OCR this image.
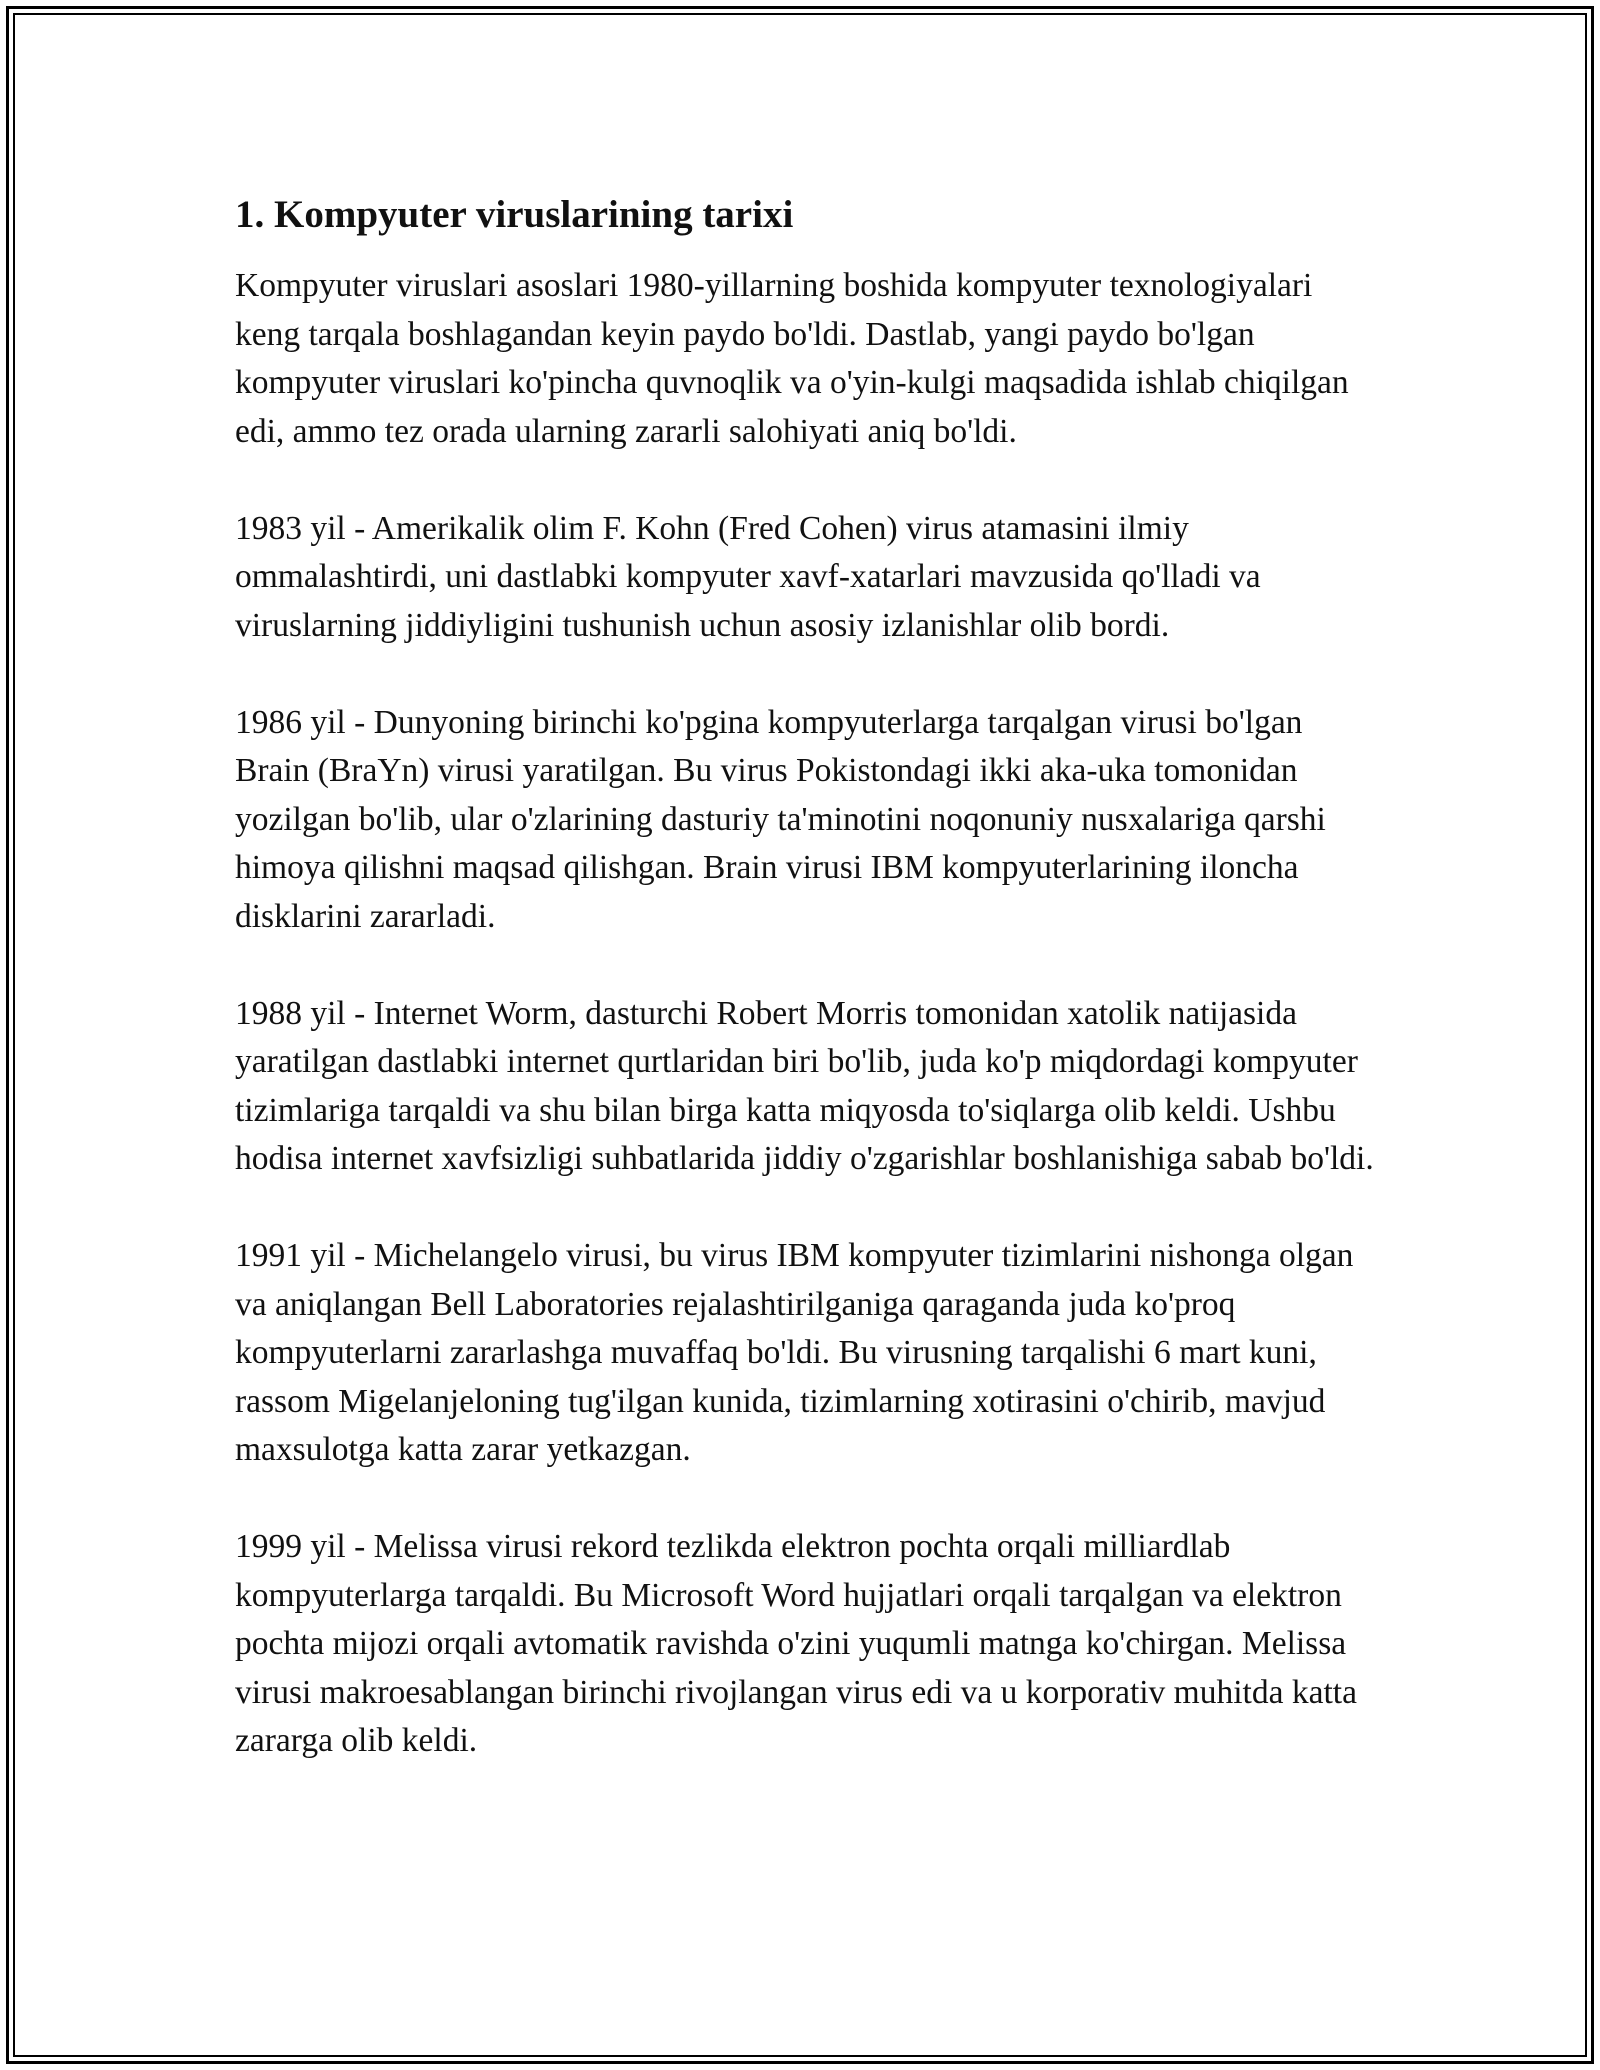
1. Kompyuter viruslarining tarixi

Kompyuter viruslari asoslari 1980-yillarning boshida kompyuter texnologiyalari keng tarqala boshlagandan keyin paydo bo'ldi. Dastlab, yangi paydo bo'lgan kompyuter viruslari ko'pincha quvnoqlik va o'yin-kulgi maqsadida ishlab chiqilgan edi, ammo tez orada ularning zararli salohiyati aniq bo'ldi.

1983 yil - Amerikalik olim F. Kohn (Fred Cohen) virus atamasini ilmiy ommalashtirdi, uni dastlabki kompyuter xavf-xatarlari mavzusida qo'lladi va viruslarning jiddiyligini tushunish uchun asosiy izlanishlar olib bordi.

1986 yil - Dunyoning birinchi ko'pgina kompyuterlarga tarqalgan virusi bo'lgan Brain (BraYn) virusi yaratilgan. Bu virus Pokistondagi ikki aka-uka tomonidan yozilgan bo'lib, ular o'zlarining dasturiy ta'minotini noqonuniy nusxalariga qarshi himoya qilishni maqsad qilishgan. Brain virusi IBM kompyuterlarining iloncha disklarini zararladi.

1988 yil - Internet Worm, dasturchi Robert Morris tomonidan xatolik natijasida yaratilgan dastlabki internet qurtlaridan biri bo'lib, juda ko'p miqdordagi kompyuter tizimlariga tarqaldi va shu bilan birga katta miqyosda to'siqlarga olib keldi. Ushbu hodisa internet xavfsizligi suhbatlarida jiddiy o'zgarishlar boshlanishiga sabab bo'ldi.

1991 yil - Michelangelo virusi, bu virus IBM kompyuter tizimlarini nishonga olgan va aniqlangan Bell Laboratories rejalashtirilganiga qaraganda juda ko'proq kompyuterlarni zararlashga muvaffaq bo'ldi. Bu virusning tarqalishi 6 mart kuni, rassom Migelanjeloning tug'ilgan kunida, tizimlarning xotirasini o'chirib, mavjud maxsulotga katta zarar yetkazgan.

1999 yil - Melissa virusi rekord tezlikda elektron pochta orqali milliardlab kompyuterlarga tarqaldi. Bu Microsoft Word hujjatlari orqali tarqalgan va elektron pochta mijozi orqali avtomatik ravishda o'zini yuqumli matnga ko'chirgan. Melissa virusi makroesablangan birinchi rivojlangan virus edi va u korporativ muhitda katta zararga olib keldi.
